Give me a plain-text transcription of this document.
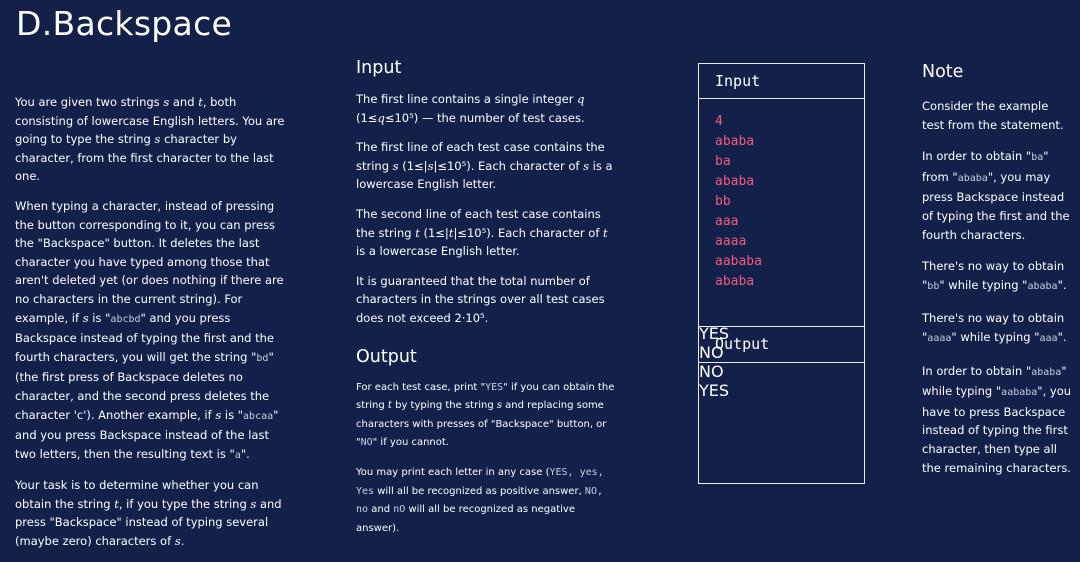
D.Backspace

You are given two strings s and t, both consisting of lowercase English letters. You are going to type the string s character by character, from the first character to the last one.

When typing a character, instead of pressing the button corresponding to it, you can press the "Backspace" button. It deletes the last character you have typed among those that aren't deleted yet (or does nothing if there are no characters in the current string). For example, if s is "abcbd" and you press Backspace instead of typing the first and the fourth characters, you will get the string "bd" (the first press of Backspace deletes no character, and the second press deletes the character 'c'). Another example, if s is "abcaa" and you press Backspace instead of the last two letters, then the resulting text is "a".

Your task is to determine whether you can obtain the string t, if you type the string s and press "Backspace" instead of typing several (maybe zero) characters of s.

Input

The first line contains a single integer q
(1≤q≤10⁵) — the number of test cases.

The first line of each test case contains the string s (1≤|s|≤10⁵). Each character of s is a lowercase English letter.

The second line of each test case contains the string t (1≤|t|≤10⁵). Each character of t is a lowercase English letter.

It is guaranteed that the total number of characters in the strings over all test cases does not exceed 2·10⁵.

Output

For each test case, print "YES" if you can obtain the string t by typing the string s and replacing some characters with presses of "Backspace" button, or "NO" if you cannot.

You may print each letter in any case (YES, yes, Yes will all be recognized as positive answer, NO, no and nO will all be recognized as negative answer).

Input
4
ababa
ba
ababa
bb
aaa
aaaa
aababa
ababa
Output
YES
NO
NO
YES
Note

Consider the example test from the statement.

In order to obtain "ba" from "ababa", you may press Backspace instead of typing the first and the fourth characters.

There's no way to obtain "bb" while typing "ababa".

There's no way to obtain "aaaa" while typing "aaa".

In order to obtain "ababa" while typing "aababa", you have to press Backspace instead of typing the first character, then type all the remaining characters.
